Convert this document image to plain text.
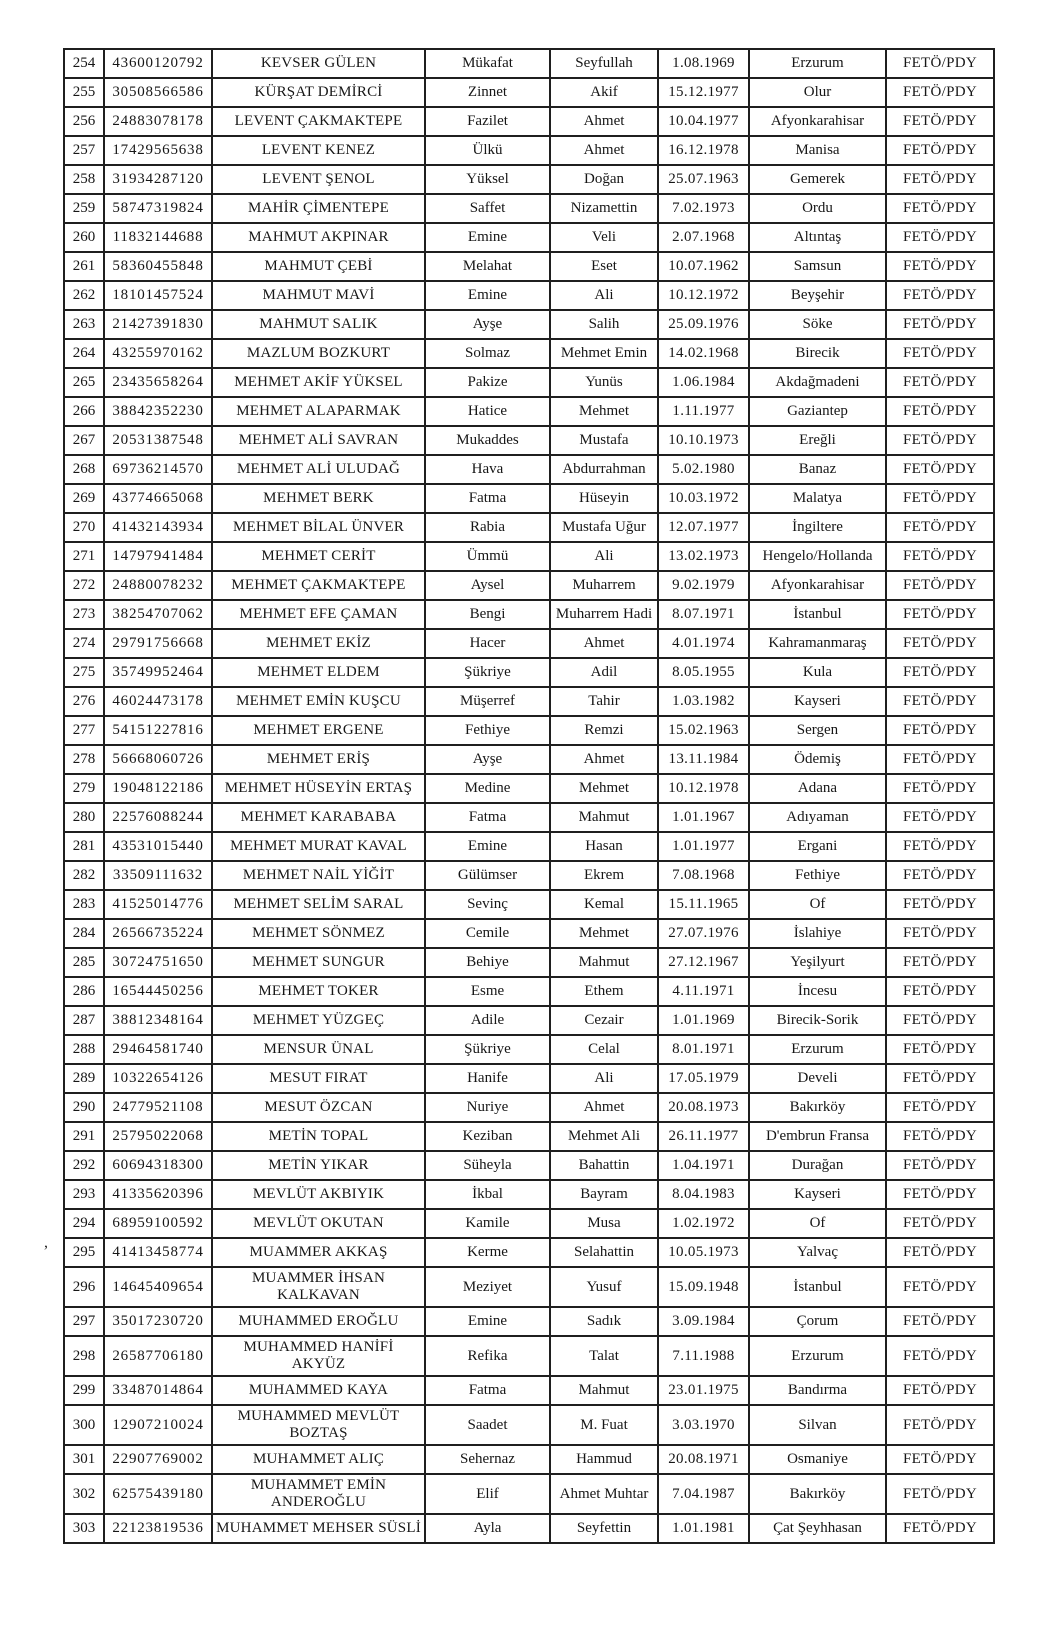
,
254	43600120792	KEVSER GÜLEN	Mükafat	Seyfullah	1.08.1969	Erzurum	FETÖ/PDY
255	30508566586	KÜRŞAT DEMİRCİ	Zinnet	Akif	15.12.1977	Olur	FETÖ/PDY
256	24883078178	LEVENT ÇAKMAKTEPE	Fazilet	Ahmet	10.04.1977	Afyonkarahisar	FETÖ/PDY
257	17429565638	LEVENT KENEZ	Ülkü	Ahmet	16.12.1978	Manisa	FETÖ/PDY
258	31934287120	LEVENT ŞENOL	Yüksel	Doğan	25.07.1963	Gemerek	FETÖ/PDY
259	58747319824	MAHİR ÇİMENTEPE	Saffet	Nizamettin	7.02.1973	Ordu	FETÖ/PDY
260	11832144688	MAHMUT AKPINAR	Emine	Veli	2.07.1968	Altıntaş	FETÖ/PDY
261	58360455848	MAHMUT ÇEBİ	Melahat	Eset	10.07.1962	Samsun	FETÖ/PDY
262	18101457524	MAHMUT MAVİ	Emine	Ali	10.12.1972	Beyşehir	FETÖ/PDY
263	21427391830	MAHMUT SALIK	Ayşe	Salih	25.09.1976	Söke	FETÖ/PDY
264	43255970162	MAZLUM BOZKURT	Solmaz	Mehmet Emin	14.02.1968	Birecik	FETÖ/PDY
265	23435658264	MEHMET AKİF YÜKSEL	Pakize	Yunüs	1.06.1984	Akdağmadeni	FETÖ/PDY
266	38842352230	MEHMET ALAPARMAK	Hatice	Mehmet	1.11.1977	Gaziantep	FETÖ/PDY
267	20531387548	MEHMET ALİ SAVRAN	Mukaddes	Mustafa	10.10.1973	Ereğli	FETÖ/PDY
268	69736214570	MEHMET ALİ ULUDAĞ	Hava	Abdurrahman	5.02.1980	Banaz	FETÖ/PDY
269	43774665068	MEHMET BERK	Fatma	Hüseyin	10.03.1972	Malatya	FETÖ/PDY
270	41432143934	MEHMET BİLAL ÜNVER	Rabia	Mustafa Uğur	12.07.1977	İngiltere	FETÖ/PDY
271	14797941484	MEHMET CERİT	Ümmü	Ali	13.02.1973	Hengelo/Hollanda	FETÖ/PDY
272	24880078232	MEHMET ÇAKMAKTEPE	Aysel	Muharrem	9.02.1979	Afyonkarahisar	FETÖ/PDY
273	38254707062	MEHMET EFE ÇAMAN	Bengi	Muharrem Hadi	8.07.1971	İstanbul	FETÖ/PDY
274	29791756668	MEHMET EKİZ	Hacer	Ahmet	4.01.1974	Kahramanmaraş	FETÖ/PDY
275	35749952464	MEHMET ELDEM	Şükriye	Adil	8.05.1955	Kula	FETÖ/PDY
276	46024473178	MEHMET EMİN KUŞCU	Müşerref	Tahir	1.03.1982	Kayseri	FETÖ/PDY
277	54151227816	MEHMET ERGENE	Fethiye	Remzi	15.02.1963	Sergen	FETÖ/PDY
278	56668060726	MEHMET ERİŞ	Ayşe	Ahmet	13.11.1984	Ödemiş	FETÖ/PDY
279	19048122186	MEHMET HÜSEYİN ERTAŞ	Medine	Mehmet	10.12.1978	Adana	FETÖ/PDY
280	22576088244	MEHMET KARABABA	Fatma	Mahmut	1.01.1967	Adıyaman	FETÖ/PDY
281	43531015440	MEHMET MURAT KAVAL	Emine	Hasan	1.01.1977	Ergani	FETÖ/PDY
282	33509111632	MEHMET NAİL YİĞİT	Gülümser	Ekrem	7.08.1968	Fethiye	FETÖ/PDY
283	41525014776	MEHMET SELİM SARAL	Sevinç	Kemal	15.11.1965	Of	FETÖ/PDY
284	26566735224	MEHMET SÖNMEZ	Cemile	Mehmet	27.07.1976	İslahiye	FETÖ/PDY
285	30724751650	MEHMET SUNGUR	Behiye	Mahmut	27.12.1967	Yeşilyurt	FETÖ/PDY
286	16544450256	MEHMET TOKER	Esme	Ethem	4.11.1971	İncesu	FETÖ/PDY
287	38812348164	MEHMET YÜZGEÇ	Adile	Cezair	1.01.1969	Birecik-Sorik	FETÖ/PDY
288	29464581740	MENSUR ÜNAL	Şükriye	Celal	8.01.1971	Erzurum	FETÖ/PDY
289	10322654126	MESUT FIRAT	Hanife	Ali	17.05.1979	Develi	FETÖ/PDY
290	24779521108	MESUT ÖZCAN	Nuriye	Ahmet	20.08.1973	Bakırköy	FETÖ/PDY
291	25795022068	METİN TOPAL	Keziban	Mehmet Ali	26.11.1977	D'embrun Fransa	FETÖ/PDY
292	60694318300	METİN YIKAR	Süheyla	Bahattin	1.04.1971	Durağan	FETÖ/PDY
293	41335620396	MEVLÜT AKBIYIK	İkbal	Bayram	8.04.1983	Kayseri	FETÖ/PDY
294	68959100592	MEVLÜT OKUTAN	Kamile	Musa	1.02.1972	Of	FETÖ/PDY
295	41413458774	MUAMMER AKKAŞ	Kerme	Selahattin	10.05.1973	Yalvaç	FETÖ/PDY
296	14645409654	MUAMMER İHSAN KALKAVAN	Meziyet	Yusuf	15.09.1948	İstanbul	FETÖ/PDY
297	35017230720	MUHAMMED EROĞLU	Emine	Sadık	3.09.1984	Çorum	FETÖ/PDY
298	26587706180	MUHAMMED HANİFİ AKYÜZ	Refika	Talat	7.11.1988	Erzurum	FETÖ/PDY
299	33487014864	MUHAMMED KAYA	Fatma	Mahmut	23.01.1975	Bandırma	FETÖ/PDY
300	12907210024	MUHAMMED MEVLÜT BOZTAŞ	Saadet	M. Fuat	3.03.1970	Silvan	FETÖ/PDY
301	22907769002	MUHAMMET ALIÇ	Sehernaz	Hammud	20.08.1971	Osmaniye	FETÖ/PDY
302	62575439180	MUHAMMET EMİN ANDEROĞLU	Elif	Ahmet Muhtar	7.04.1987	Bakırköy	FETÖ/PDY
303	22123819536	MUHAMMET MEHSER SÜSLİ	Ayla	Seyfettin	1.01.1981	Çat Şeyhhasan	FETÖ/PDY
